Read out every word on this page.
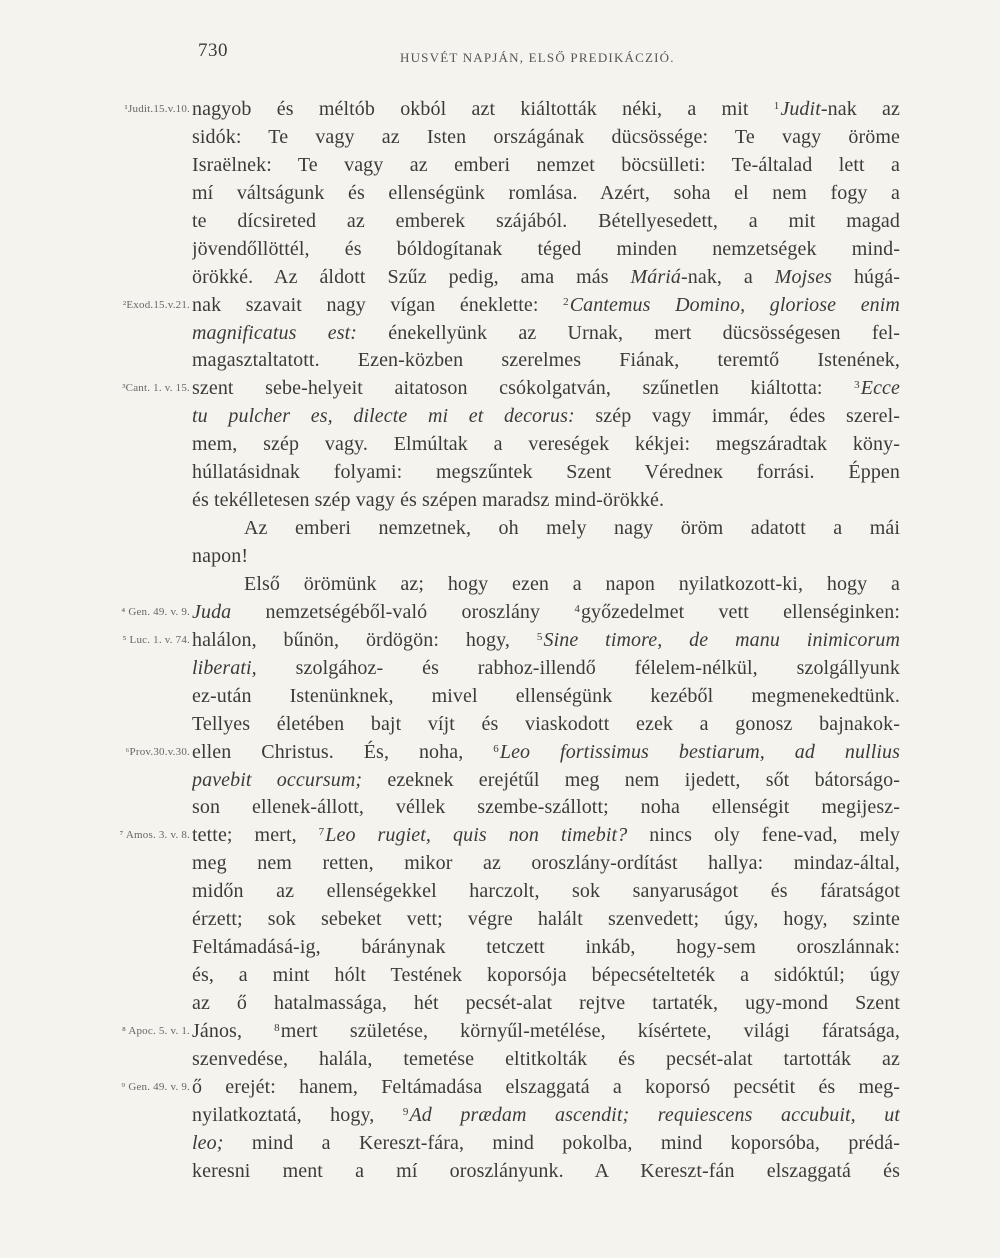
730	HUSVÉT NAPJÁN, ELSŐ PREDIKÁCZIÓ.
¹Judit.15.v.10. nagyob és méltób okból azt kiáltották néki, a mit $^1$Judit-nak az
sidók: Te vagy az Isten országának dücsössége: Te vagy öröme
Israëlnek: Te vagy az emberi nemzet böcsülleti: Te-általad lett a
mí váltságunk és ellenségünk romlása. Azért, soha el nem fogy a
te dícsireted az emberek szájából. Bétellyesedett, a mit magad
jövendőllöttél, és bóldogítanak téged minden nemzetségek mind-
örökké. Az áldott Szűz pedig, ama más Máriá-nak, a Mojses húgá-
²Exod.15.v.21. nak szavait nagy vígan éneklette: $^2$Cantemus Domino, gloriose enim
magnificatus est: énekellyünk az Urnak, mert dücsösségesen fel-
magasztaltatott. Ezen-közben szerelmes Fiának, teremtő Istenének,
³Cant. 1. v. 15. szent sebe-helyeit aitatoson csókolgatván, szűnetlen kiáltotta: $^3$Ecce
tu pulcher es, dilecte mi et decorus: szép vagy immár, édes szerel-
mem, szép vagy. Elmúltak a vereségek kékjei: megszáradtak köny-
húllatásidnak folyami: megszűntek Szent Véredneк forrási. Éppen
és tekélletesen szép vagy és szépen maradsz mind-örökké.
Az emberi nemzetnek, oh mely nagy öröm adatott a mái
napon!
Első örömünk az; hogy ezen a napon nyilatkozott-ki, hogy a
⁴ Gen. 49. v. 9. Juda nemzetségéből-való oroszlány $^4$győzedelmet vett ellenséginken:
⁵ Luc. 1. v. 74. halálon, bűnön, ördögön: hogy, $^5$Sine timore, de manu inimicorum
liberati, szolgához- és rabhoz-illendő félelem-nélkül, szolgállyunk
ez-után Istenünknek, mivel ellenségünk kezéből megmenekedtünk.
Tellyes életében bajt víjt és viaskodott ezek a gonosz bajnakok-
⁶Prov.30.v.30. ellen Christus. És, noha, $^6$Leo fortissimus bestiarum, ad nullius
pavebit occursum; ezeknek erejétűl meg nem ijedett, sőt bátorságo-
son ellenek-állott, véllek szembe-szállott; noha ellenségit megijesz-
⁷ Amos. 3. v. 8. tette; mert, $^7$Leo rugiet, quis non timebit? nincs oly fene-vad, mely
meg nem retten, mikor az oroszlány-ordítást hallya: mindaz-által,
midőn az ellenségekkel harczolt, sok sanyaruságot és fáratságot
érzett; sok sebeket vett; végre halált szenvedett; úgy, hogy, szinte
Feltámadásá-ig, báránynak tetczett inkáb, hogy-sem oroszlánnak:
és, a mint hólt Testének koporsója bépecsételteték a sidóktúl; úgy
az ő hatalmassága, hét pecsét-alat rejtve tartaték, ugy-mond Szent
⁸ Apoc. 5. v. 1. János, $^8$mert születése, környűl-metélése, kísértete, világi fáratsága,
szenvedése, halála, temetése eltitkolták és pecsét-alat tartották az
⁹ Gen. 49. v. 9. ő erejét: hanem, Feltámadása elszaggatá a koporsó pecsétit és meg-
nyilatkoztatá, hogy, $^9$Ad prædam ascendit; requiescens accubuit, ut
leo; mind a Kereszt-fára, mind pokolba, mind koporsóba, prédá-
keresni ment a mí oroszlányunk. A Kereszt-fán elszaggatá és
